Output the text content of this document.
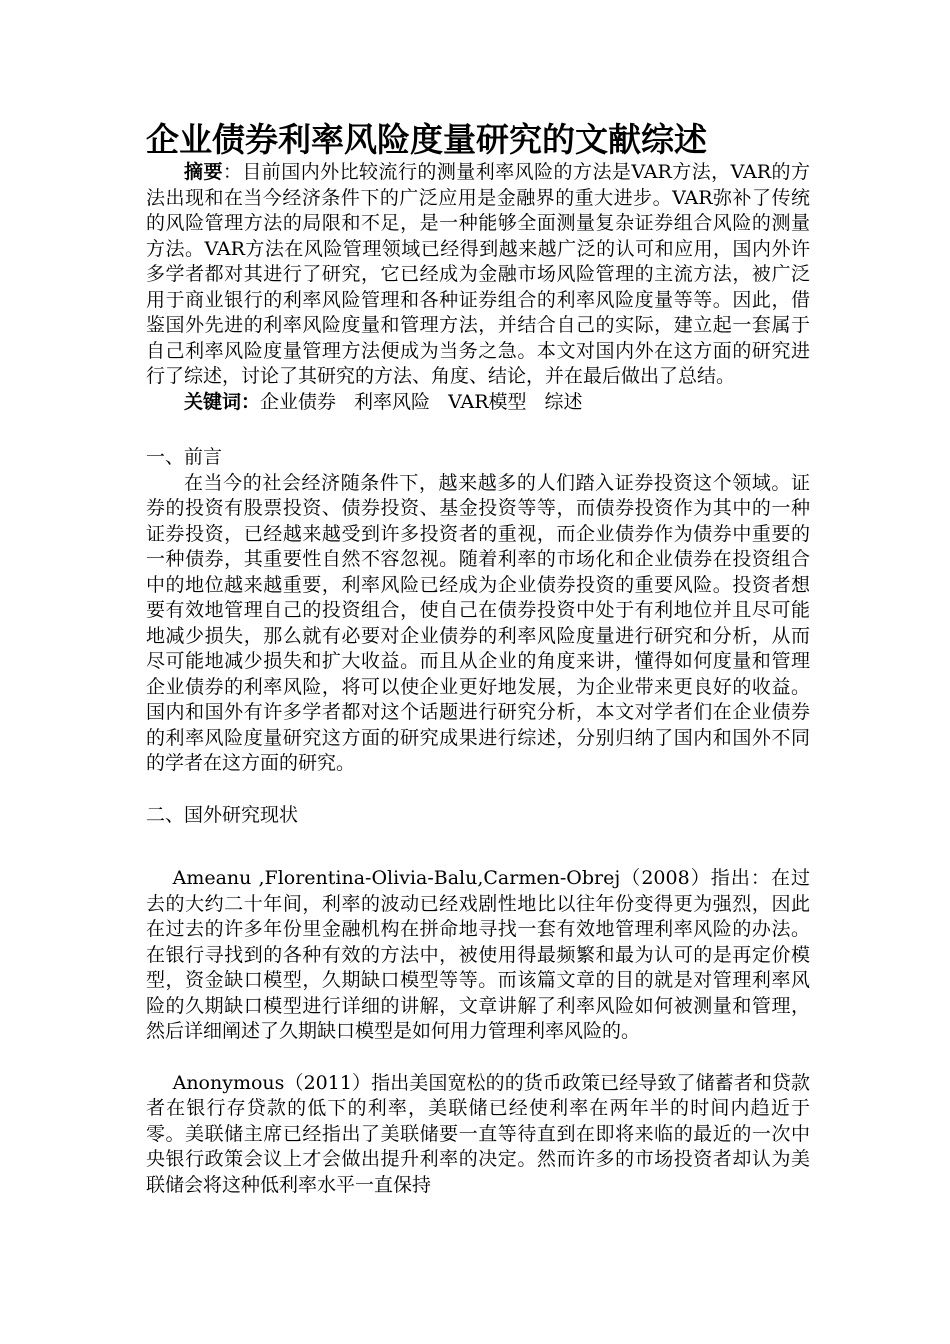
企业债券利率风险度量研究的文献综述

摘要：目前国内外比较流行的测量利率风险的方法是VAR方法，VAR的方法出现和在当今经济条件下的广泛应用是金融界的重大进步。VAR弥补了传统的风险管理方法的局限和不足，是一种能够全面测量复杂证券组合风险的测量方法。VAR方法在风险管理领域已经得到越来越广泛的认可和应用，国内外许多学者都对其进行了研究，它已经成为金融市场风险管理的主流方法，被广泛用于商业银行的利率风险管理和各种证券组合的利率风险度量等等。因此，借鉴国外先进的利率风险度量和管理方法，并结合自己的实际，建立起一套属于自己利率风险度量管理方法便成为当务之急。本文对国内外在这方面的研究进行了综述，讨论了其研究的方法、角度、结论，并在最后做出了总结。

关键词：企业债券 利率风险 VAR模型 综述

一、前言

在当今的社会经济随条件下，越来越多的人们踏入证券投资这个领域。证券的投资有股票投资、债券投资、基金投资等等，而债券投资作为其中的一种证券投资，已经越来越受到许多投资者的重视，而企业债券作为债券中重要的一种债券，其重要性自然不容忽视。随着利率的市场化和企业债券在投资组合中的地位越来越重要，利率风险已经成为企业债券投资的重要风险。投资者想要有效地管理自己的投资组合，使自己在债券投资中处于有利地位并且尽可能地减少损失，那么就有必要对企业债券的利率风险度量进行研究和分析，从而尽可能地减少损失和扩大收益。而且从企业的角度来讲，懂得如何度量和管理企业债券的利率风险，将可以使企业更好地发展，为企业带来更良好的收益。国内和国外有许多学者都对这个话题进行研究分析，本文对学者们在企业债券的利率风险度量研究这方面的研究成果进行综述，分别归纳了国内和国外不同的学者在这方面的研究。

二、国外研究现状

Ameanu ,Florentina-Olivia-Balu,Carmen-Obrej（2008）指出：在过去的大约二十年间，利率的波动已经戏剧性地比以往年份变得更为强烈，因此在过去的许多年份里金融机构在拼命地寻找一套有效地管理利率风险的办法。在银行寻找到的各种有效的方法中，被使用得最频繁和最为认可的是再定价模型，资金缺口模型，久期缺口模型等等。而该篇文章的目的就是对管理利率风险的久期缺口模型进行详细的讲解，文章讲解了利率风险如何被测量和管理，然后详细阐述了久期缺口模型是如何用力管理利率风险的。

Anonymous（2011）指出美国宽松的的货币政策已经导致了储蓄者和贷款者在银行存贷款的低下的利率，美联储已经使利率在两年半的时间内趋近于零。美联储主席已经指出了美联储要一直等待直到在即将来临的最近的一次中央银行政策会议上才会做出提升利率的决定。然而许多的市场投资者却认为美联储会将这种低利率水平一直保持
